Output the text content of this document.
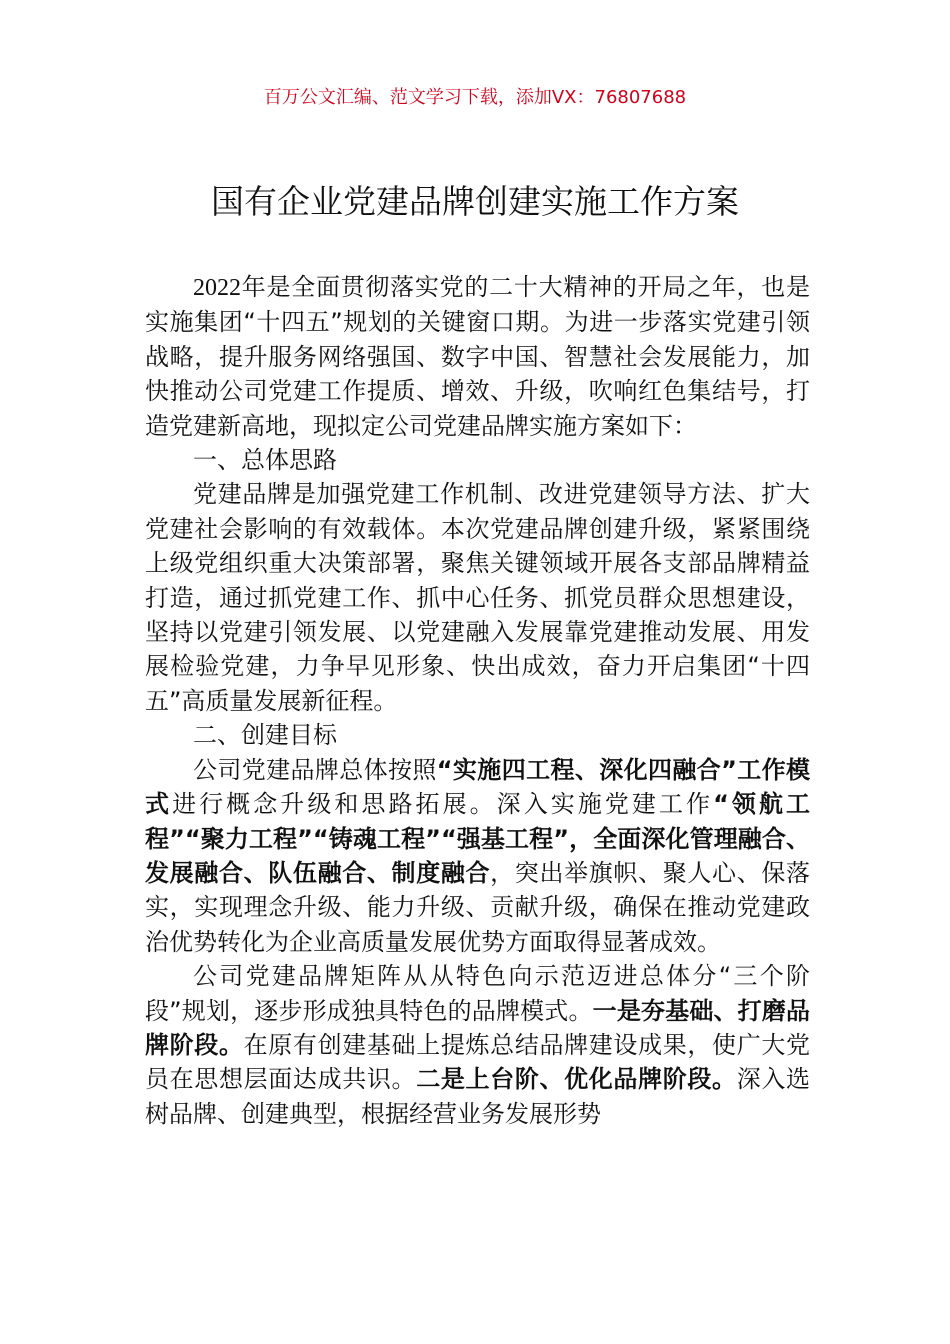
百万公文汇编、范文学习下载，添加VX：76807688
国有企业党建品牌创建实施工作方案

2022年是全面贯彻落实党的二十大精神的开局之年，也是实施集团“十四五”规划的关键窗口期。为进一步落实党建引领战略，提升服务网络强国、数字中国、智慧社会发展能力，加快推动公司党建工作提质、增效、升级，吹响红色集结号，打造党建新高地，现拟定公司党建品牌实施方案如下：

一、总体思路

党建品牌是加强党建工作机制、改进党建领导方法、扩大党建社会影响的有效载体。本次党建品牌创建升级，紧紧围绕上级党组织重大决策部署，聚焦关键领域开展各支部品牌精益打造，通过抓党建工作、抓中心任务、抓党员群众思想建设，坚持以党建引领发展、以党建融入发展靠党建推动发展、用发展检验党建，力争早见形象、快出成效，奋力开启集团“十四五”高质量发展新征程。

二、创建目标

公司党建品牌总体按照“实施四工程、深化四融合”工作模式进行概念升级和思路拓展。深入实施党建工作“领航工程”“聚力工程”“铸魂工程”“强基工程”，全面深化管理融合、发展融合、队伍融合、制度融合，突出举旗帜、聚人心、保落实，实现理念升级、能力升级、贡献升级，确保在推动党建政治优势转化为企业高质量发展优势方面取得显著成效。

公司党建品牌矩阵从从特色向示范迈进总体分“三个阶段”规划，逐步形成独具特色的品牌模式。一是夯基础、打磨品牌阶段。在原有创建基础上提炼总结品牌建设成果，使广大党员在思想层面达成共识。二是上台阶、优化品牌阶段。深入选树品牌、创建典型，根据经营业务发展形势
